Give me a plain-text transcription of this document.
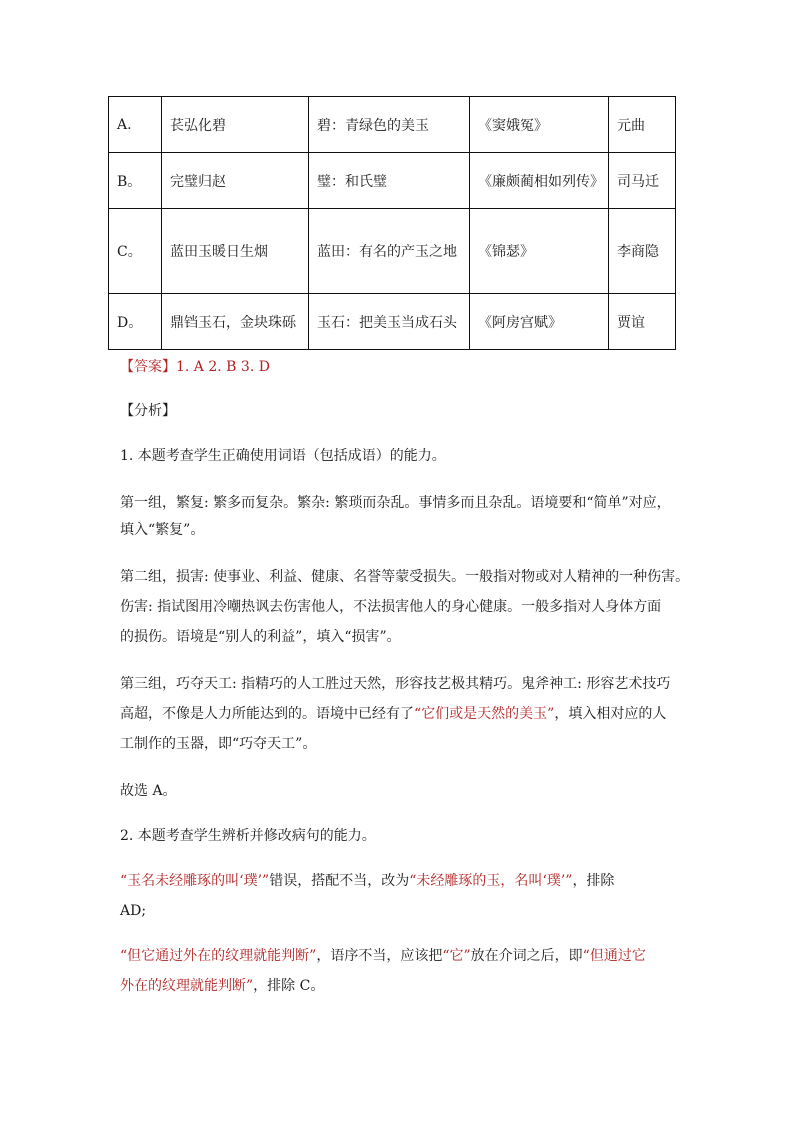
A.	苌弘化碧	碧：青绿色的美玉	《窦娥冤》	元曲
B。	完璧归赵	璧：和氏璧	《廉颇蔺相如列传》	司马迁
C。	蓝田玉暖日生烟	蓝田：有名的产玉之地	《锦瑟》	李商隐
D。	鼎铛玉石，金块珠砾	玉石：把美玉当成石头	《阿房宫赋》	贾谊
【答案】1. A 2. B 3. D
【分析】
1. 本题考查学生正确使用词语（包括成语）的能力。
第一组，繁复: 繁多而复杂。繁杂: 繁琐而杂乱。事情多而且杂乱。语境要和“简单”对应，
填入“繁复”。
第二组，损害: 使事业、利益、健康、名誉等蒙受损失。一般指对物或对人精神的一种伤害。
伤害: 指试图用冷嘲热讽去伤害他人，不法损害他人的身心健康。一般多指对人身体方面
的损伤。语境是“别人的利益”，填入“损害”。
第三组，巧夺天工: 指精巧的人工胜过天然，形容技艺极其精巧。鬼斧神工: 形容艺术技巧
高超，不像是人力所能达到的。语境中已经有了“它们或是天然的美玉”，填入相对应的人
工制作的玉器，即“巧夺天工”。
故选 A。
2. 本题考查学生辨析并修改病句的能力。
“玉名未经雕琢的叫‘璞’”错误，搭配不当，改为“未经雕琢的玉，名叫‘璞’”，排除
AD;
“但它通过外在的纹理就能判断”，语序不当，应该把“它”放在介词之后，即“但通过它
外在的纹理就能判断”，排除 C。
